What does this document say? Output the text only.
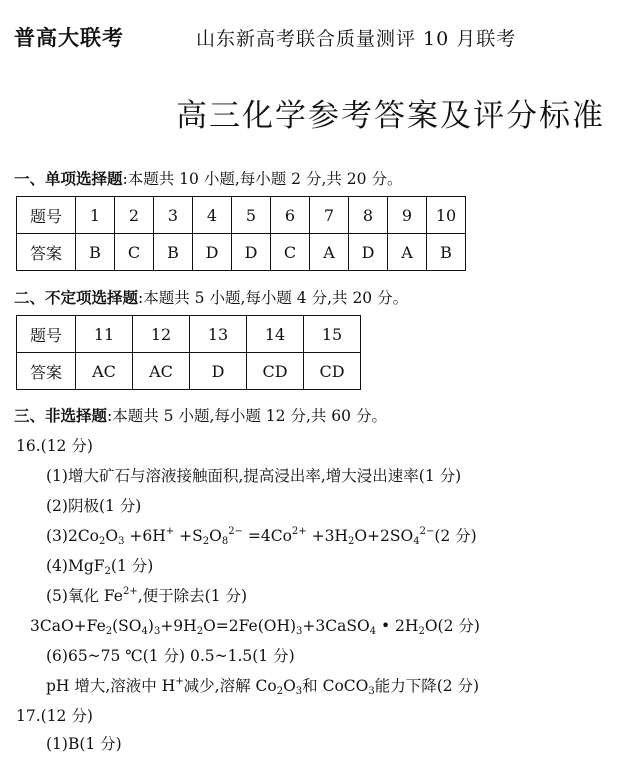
普高大联考	山东新高考联合质量测评 10 月联考
高三化学参考答案及评分标准
一、单项选择题:本题共 10 小题,每小题 2 分,共 20 分。
题号	1	2	3	4	5	6	7	8	9	10
答案	B	C	B	D	D	C	A	D	A	B
二、不定项选择题:本题共 5 小题,每小题 4 分,共 20 分。
题号	11	12	13	14	15
答案	AC	AC	D	CD	CD
三、非选择题:本题共 5 小题,每小题 12 分,共 60 分。
16.(12 分)
(1)增大矿石与溶液接触面积,提高浸出率,增大浸出速率(1 分)
(2)阴极(1 分)
$(3)2Co_2O_3 +6H^+ +S_2O_8^{2-} =4Co^{2+} +3H_2O+2SO_4^{2-}(2$ 分)
(4)MgF$_2$(1 分)
(5)氧化 $Fe^{2+}$,便于除去(1 分)
$3CaO+Fe_2(SO_4)_3+9H_2O=2Fe(OH)_3+3CaSO_4$ • $2H_2O(2$ 分)
(6)65~75 ℃(1 分) 0.5~1.5(1 分)
pH 增大,溶液中 H+减少,溶解 $Co_2O_3$和 CoCO$_3$能力下降(2 分)
17.(12 分)
(1)B(1 分)
